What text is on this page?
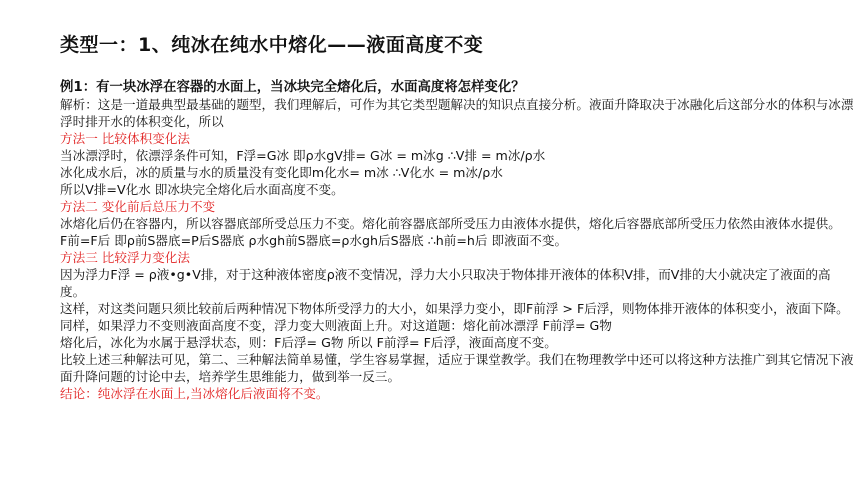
类型一：1、纯冰在纯水中熔化——液面高度不变
例1：有一块冰浮在容器的水面上，当冰块完全熔化后，水面高度将怎样变化？
解析：这是一道最典型最基础的题型，我们理解后，可作为其它类型题解决的知识点直接分析。液面升降取决于冰融化后这部分水的体积与冰漂浮时排开水的体积变化，所以
方法一 比较体积变化法
当冰漂浮时，依漂浮条件可知，F浮=G冰 即ρ水gV排= G冰 = m冰g ∴V排 = m冰/ρ水
冰化成水后，冰的质量与水的质量没有变化即m化水= m冰 ∴V化水 = m冰/ρ水
所以V排=V化水 即冰块完全熔化后水面高度不变。
方法二 变化前后总压力不变
冰熔化后仍在容器内，所以容器底部所受总压力不变。熔化前容器底部所受压力由液体水提供，熔化后容器底部所受压力依然由液体水提供。
F前=F后 即ρ前S器底=P后S器底 ρ水gh前S器底=ρ水gh后S器底 ∴h前=h后 即液面不变。
方法三 比较浮力变化法
因为浮力F浮 = ρ液•g•V排，对于这种液体密度ρ液不变情况，浮力大小只取决于物体排开液体的体积V排，而V排的大小就决定了液面的高度。
这样，对这类问题只须比较前后两种情况下物体所受浮力的大小，如果浮力变小，即F前浮 > F后浮，则物体排开液体的体积变小，液面下降。同样，如果浮力不变则液面高度不变，浮力变大则液面上升。对这道题：熔化前冰漂浮 F前浮= G物
熔化后，冰化为水属于悬浮状态，则：F后浮= G物 所以 F前浮= F后浮，液面高度不变。
比较上述三种解法可见，第二、三种解法简单易懂，学生容易掌握，适应于课堂教学。我们在物理教学中还可以将这种方法推广到其它情况下液面升降问题的讨论中去，培养学生思维能力，做到举一反三。
结论：纯冰浮在水面上,当冰熔化后液面将不变。
